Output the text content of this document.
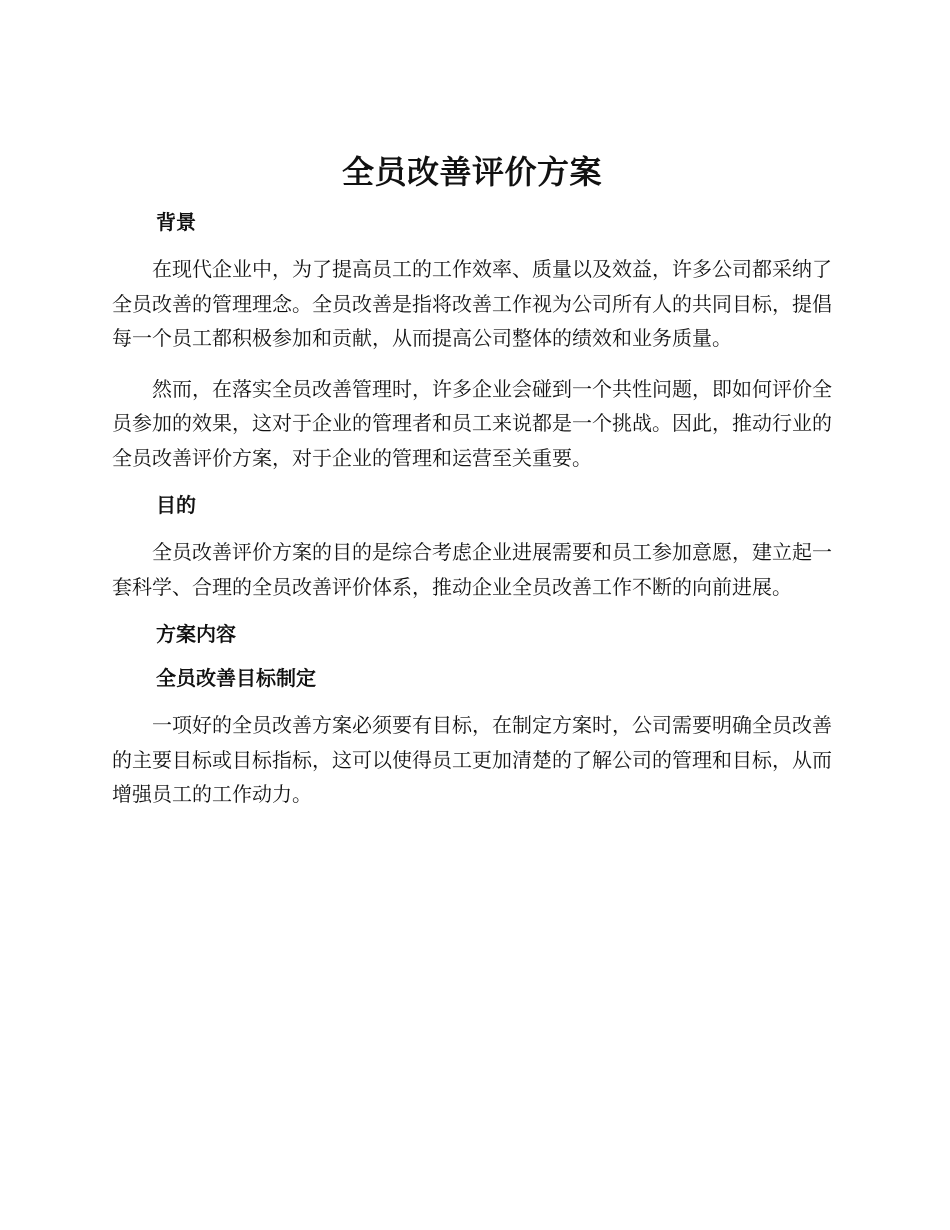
全员改善评价方案
背景

在现代企业中，为了提高员工的工作效率、质量以及效益，许多公司都采纳了全员改善的管理理念。全员改善是指将改善工作视为公司所有人的共同目标，提倡每一个员工都积极参加和贡献，从而提高公司整体的绩效和业务质量。

然而，在落实全员改善管理时，许多企业会碰到一个共性问题，即如何评价全员参加的效果，这对于企业的管理者和员工来说都是一个挑战。因此，推动行业的全员改善评价方案，对于企业的管理和运营至关重要。

目的

全员改善评价方案的目的是综合考虑企业进展需要和员工参加意愿，建立起一套科学、合理的全员改善评价体系，推动企业全员改善工作不断的向前进展。

方案内容
全员改善目标制定

一项好的全员改善方案必须要有目标，在制定方案时，公司需要明确全员改善的主要目标或目标指标，这可以使得员工更加清楚的了解公司的管理和目标，从而增强员工的工作动力。
